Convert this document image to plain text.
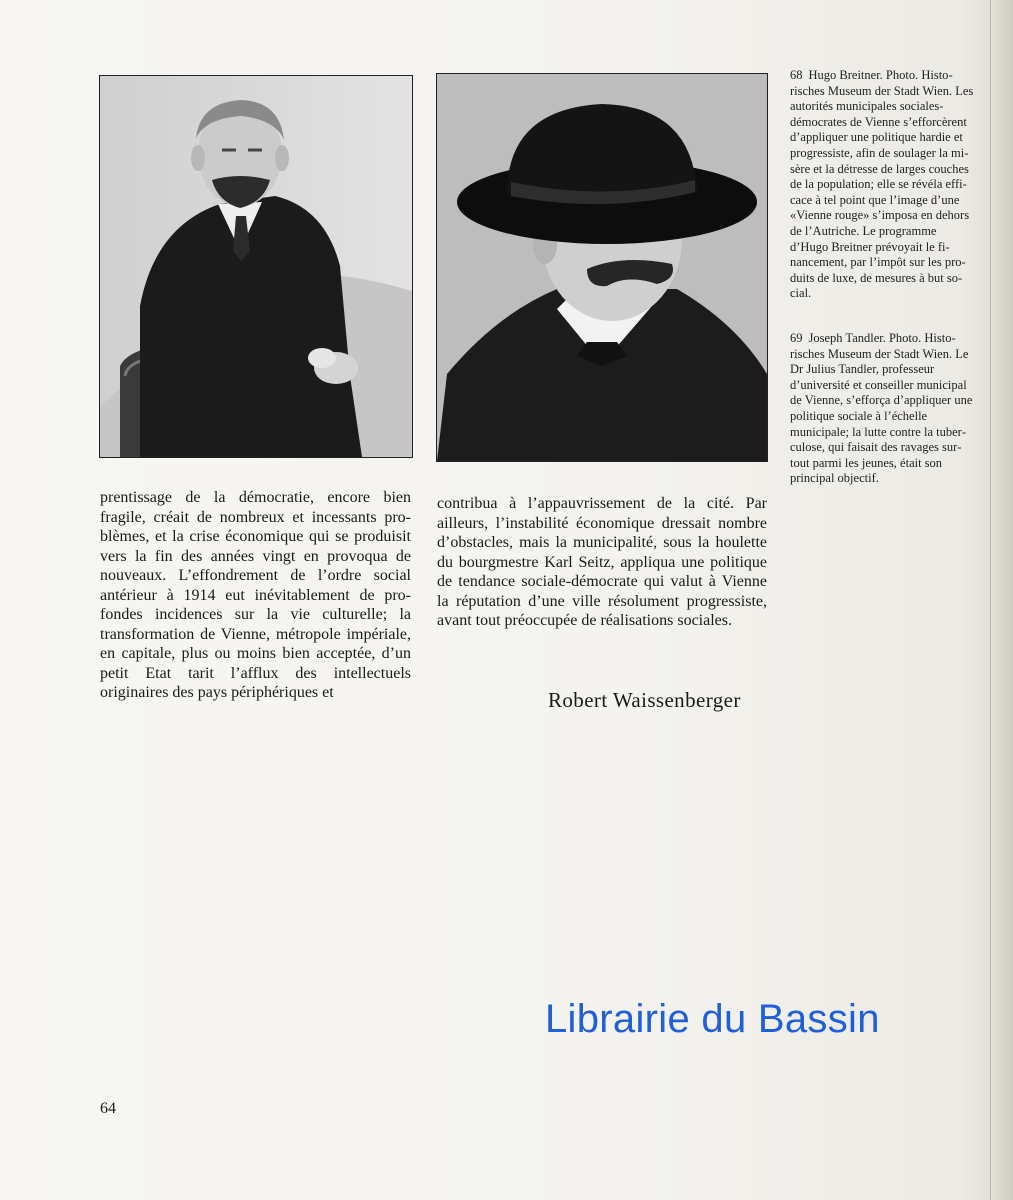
prentissage de la démocratie, encore bien fragile, créait de nombreux et incessants problèmes, et la crise économique qui se produisit vers la fin des années vingt en provoqua de nouveaux. L’effondrement de l’ordre social antérieur à 1914 eut inévitablement de profondes incidences sur la vie culturelle; la transformation de Vienne, métropole impériale, en capitale, plus ou moins bien acceptée, d’un petit Etat tarit l’afflux des intellectuels originaires des pays périphériques et
contribua à l’appauvrissement de la cité. Par ailleurs, l’instabilité économique dressait nombre d’obstacles, mais la municipalité, sous la houlette du bourgmestre Karl Seitz, appliqua une politique de tendance sociale-démocrate qui valut à Vienne la réputation d’une ville résolument progressiste, avant tout préoccupée de réalisations sociales.
Robert Waissenberger
68 Hugo Breitner. Photo. Historisches Museum der Stadt Wien. Les autorités municipales sociales-démocrates de Vienne s’efforcèrent d’appliquer une politique hardie et progressiste, afin de soulager la misère et la détresse de larges couches de la population; elle se révéla efficace à tel point que l’image d’une «Vienne rouge» s’imposa en dehors de l’Autriche. Le programme d’Hugo Breitner prévoyait le financement, par l’impôt sur les produits de luxe, de mesures à but social.
69 Joseph Tandler. Photo. Historisches Museum der Stadt Wien. Le Dr Julius Tandler, professeur d’université et conseiller municipal de Vienne, s’efforça d’appliquer une politique sociale à l’échelle municipale; la lutte contre la tuberculose, qui faisait des ravages surtout parmi les jeunes, était son principal objectif.
Librairie du Bassin
64
